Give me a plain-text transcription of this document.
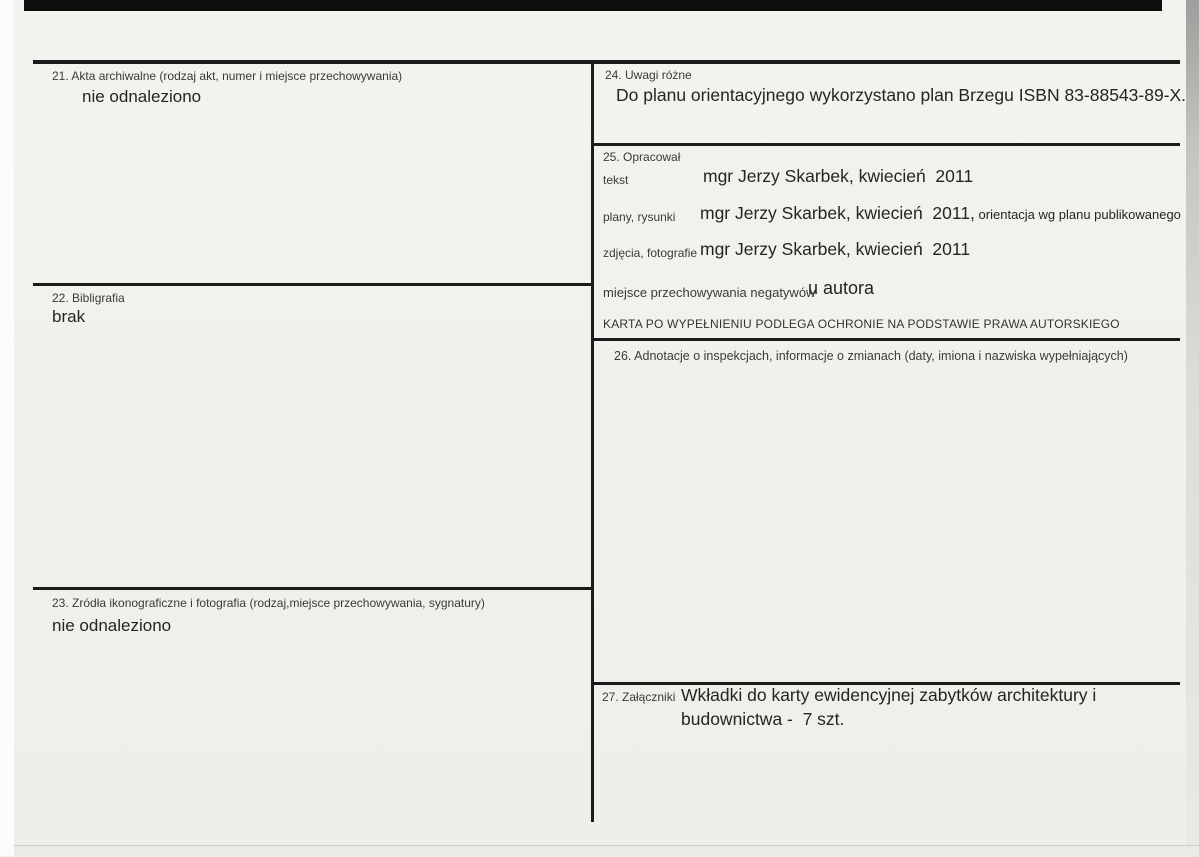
21. Akta archiwalne (rodzaj akt, numer i miejsce przechowywania)
nie odnaleziono
22. Bibligrafia
brak
23. Zródła ikonograficzne i fotografia (rodzaj,miejsce przechowywania, sygnatury)
nie odnaleziono
24. Uwagi różne
Do planu orientacyjnego wykorzystano plan Brzegu ISBN 83-88543-89-X.
25. Opracował
tekst	mgr Jerzy Skarbek, kwiecień  2011
plany, rysunki mgr Jerzy Skarbek, kwiecień  2011, orientacja wg planu publikowanego
zdjęcia, fotografie mgr Jerzy Skarbek, kwiecień  2011
miejsce przechowywania negatywów
u autora
KARTA PO WYPEŁNIENIU PODLEGA OCHRONIE NA PODSTAWIE PRAWA AUTORSKIEGO
26. Adnotacje o inspekcjach, informacje o zmianach (daty, imiona i nazwiska wypełniających)
27. Załączniki Wkładki do karty ewidencyjnej zabytków architektury i
budownictwa -  7 szt.
